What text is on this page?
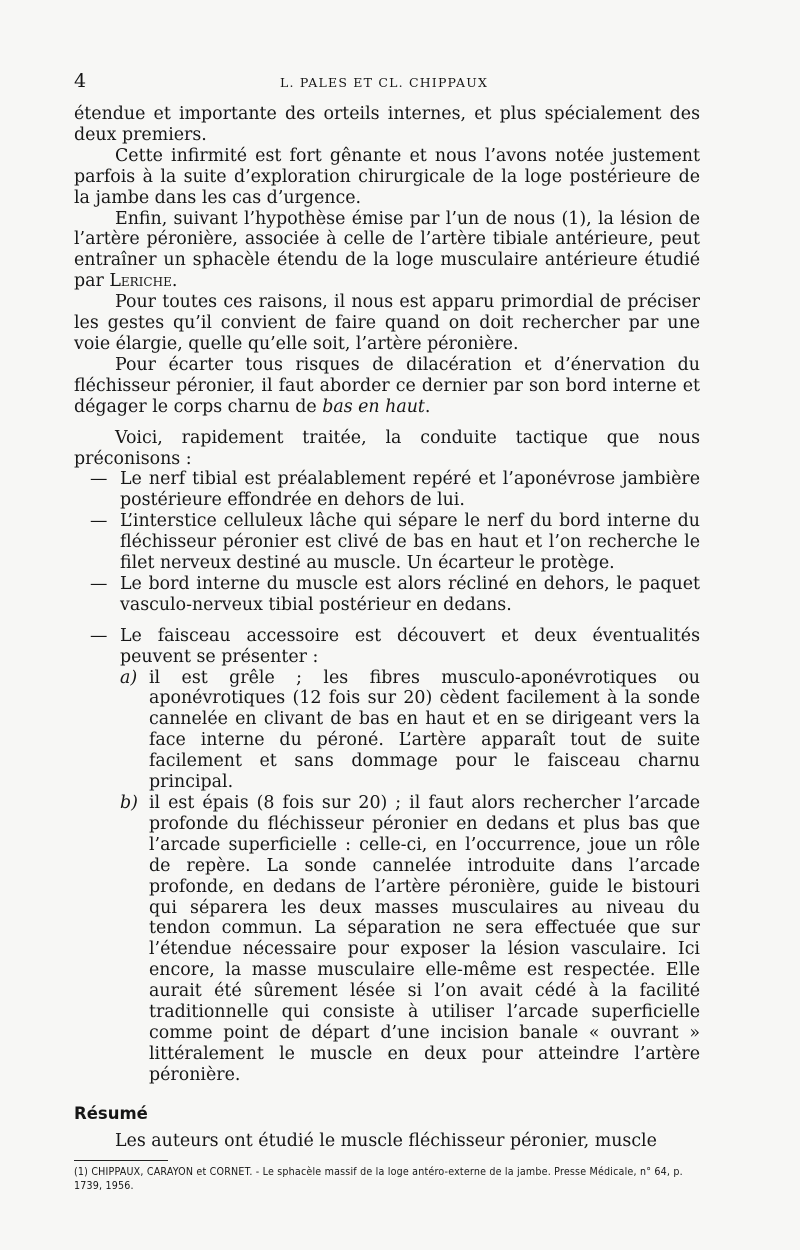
4	L. PALES ET CL. CHIPPAUX

étendue et importante des orteils internes, et plus spécialement des deux premiers.

Cette infirmité est fort gênante et nous l’avons notée justement parfois à la suite d’exploration chirurgicale de la loge postérieure de la jambe dans les cas d’urgence.

Enfin, suivant l’hypothèse émise par l’un de nous (1), la lésion de l’artère péronière, associée à celle de l’artère tibiale antérieure, peut entraîner un sphacèle étendu de la loge musculaire antérieure étudié par Leriche.

Pour toutes ces raisons, il nous est apparu primordial de préciser les gestes qu’il convient de faire quand on doit rechercher par une voie élargie, quelle qu’elle soit, l’artère péronière.

Pour écarter tous risques de dilacération et d’énervation du fléchisseur péronier, il faut aborder ce dernier par son bord interne et dégager le corps charnu de bas en haut.

Voici, rapidement traitée, la conduite tactique que nous préconisons :

— Le nerf tibial est préalablement repéré et l’aponévrose jambière postérieure effondrée en dehors de lui.
— L’interstice celluleux lâche qui sépare le nerf du bord interne du fléchisseur péronier est clivé de bas en haut et l’on recherche le filet nerveux destiné au muscle. Un écarteur le protège.
— Le bord interne du muscle est alors récliné en dehors, le paquet vasculo-nerveux tibial postérieur en dedans.
— Le faisceau accessoire est découvert et deux éventualités peuvent se présenter :
a) il est grêle ; les fibres musculo-aponévrotiques ou aponévrotiques (12 fois sur 20) cèdent facilement à la sonde cannelée en clivant de bas en haut et en se dirigeant vers la face interne du péroné. L’artère apparaît tout de suite facilement et sans dommage pour le faisceau charnu principal.
b) il est épais (8 fois sur 20) ; il faut alors rechercher l’arcade profonde du fléchisseur péronier en dedans et plus bas que l’arcade superficielle : celle-ci, en l’occurrence, joue un rôle de repère. La sonde cannelée introduite dans l’arcade profonde, en dedans de l’artère péronière, guide le bistouri qui séparera les deux masses musculaires au niveau du tendon commun. La séparation ne sera effectuée que sur l’étendue nécessaire pour exposer la lésion vasculaire. Ici encore, la masse musculaire elle-même est respectée. Elle aurait été sûrement lésée si l’on avait cédé à la facilité traditionnelle qui consiste à utiliser l’arcade superficielle comme point de départ d’une incision banale « ouvrant » littéralement le muscle en deux pour atteindre l’artère péronière.
Résumé

Les auteurs ont étudié le muscle fléchisseur péronier, muscle

(1) CHIPPAUX, CARAYON et CORNET. - Le sphacèle massif de la loge antéro-externe de la jambe. Presse Médicale, n° 64, p. 1739, 1956.
